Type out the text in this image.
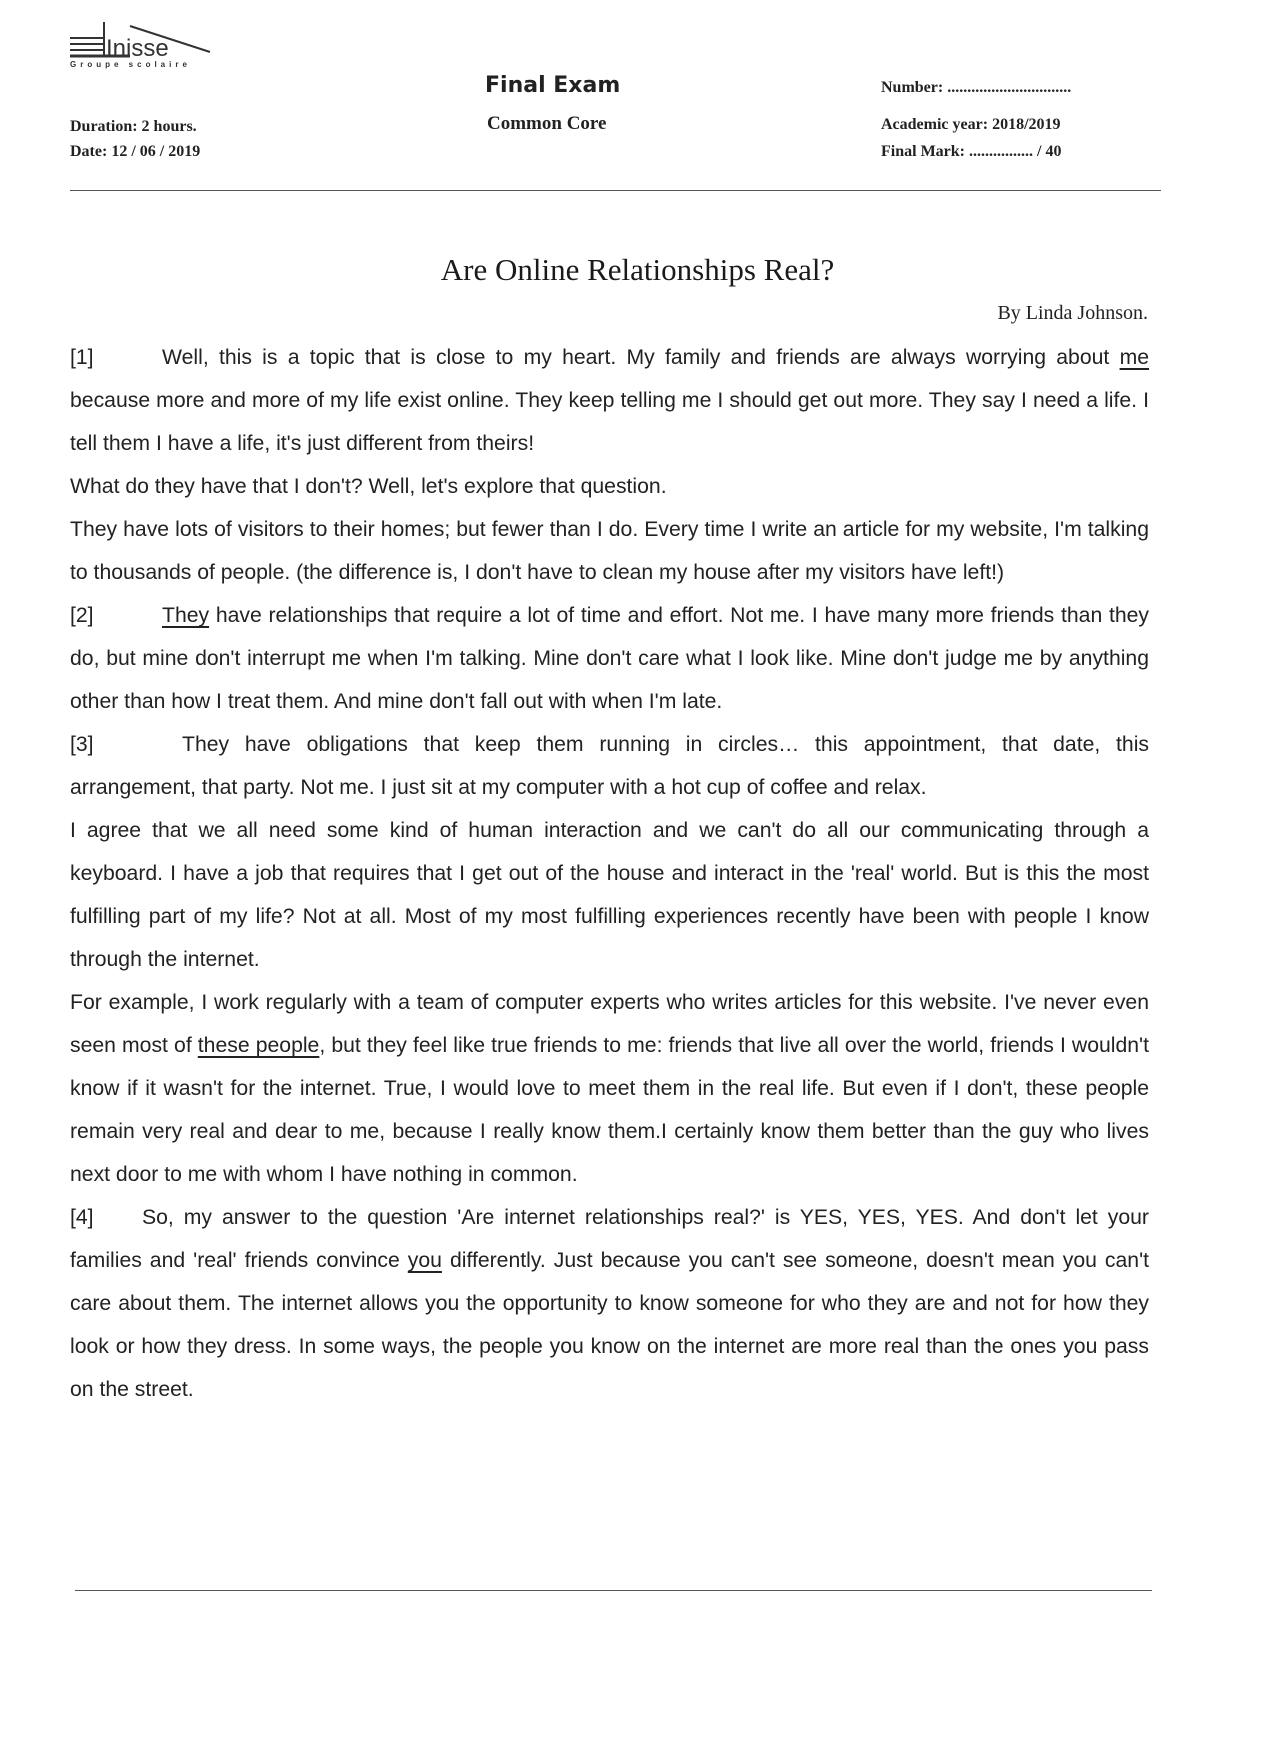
Inisse
Groupe scolaire
Final Exam
Common Core
Duration: 2 hours.
Date: 12 / 06 / 2019
Number: ...............................
Academic year: 2018/2019
Final Mark: ................ / 40
Are Online Relationships Real?
By Linda Johnson.

[1]	Well, this is a topic that is close to my heart. My family and friends are always worrying about me because more and more of my life exist online. They keep telling me I should get out more. They say I need a life. I tell them I have a life, it's just different from theirs!

What do they have that I don't? Well, let's explore that question.

They have lots of visitors to their homes; but fewer than I do. Every time I write an article for my website, I'm talking to thousands of people. (the difference is, I don't have to clean my house after my visitors have left!)

[2]	They have relationships that require a lot of time and effort. Not me. I have many more friends than they do, but mine don't interrupt me when I'm talking. Mine don't care what I look like. Mine don't judge me by anything other than how I treat them. And mine don't fall out with when I'm late.

[3]	They have obligations that keep them running in circles… this appointment, that date, this arrangement, that party. Not me. I just sit at my computer with a hot cup of coffee and relax.

I agree that we all need some kind of human interaction and we can't do all our communicating through a keyboard. I have a job that requires that I get out of the house and interact in the 'real' world. But is this the most fulfilling part of my life? Not at all. Most of my most fulfilling experiences recently have been with people I know through the internet.

For example, I work regularly with a team of computer experts who writes articles for this website. I've never even seen most of these people, but they feel like true friends to me: friends that live all over the world, friends I wouldn't know if it wasn't for the internet. True, I would love to meet them in the real life. But even if I don't, these people remain very real and dear to me, because I really know them.I certainly know them better than the guy who lives next door to me with whom I have nothing in common.

[4] So, my answer to the question 'Are internet relationships real?' is YES, YES, YES. And don't let your families and 'real' friends convince you differently. Just because you can't see someone, doesn't mean you can't care about them. The internet allows you the opportunity to know someone for who they are and not for how they look or how they dress. In some ways, the people you know on the internet are more real than the ones you pass on the street.
